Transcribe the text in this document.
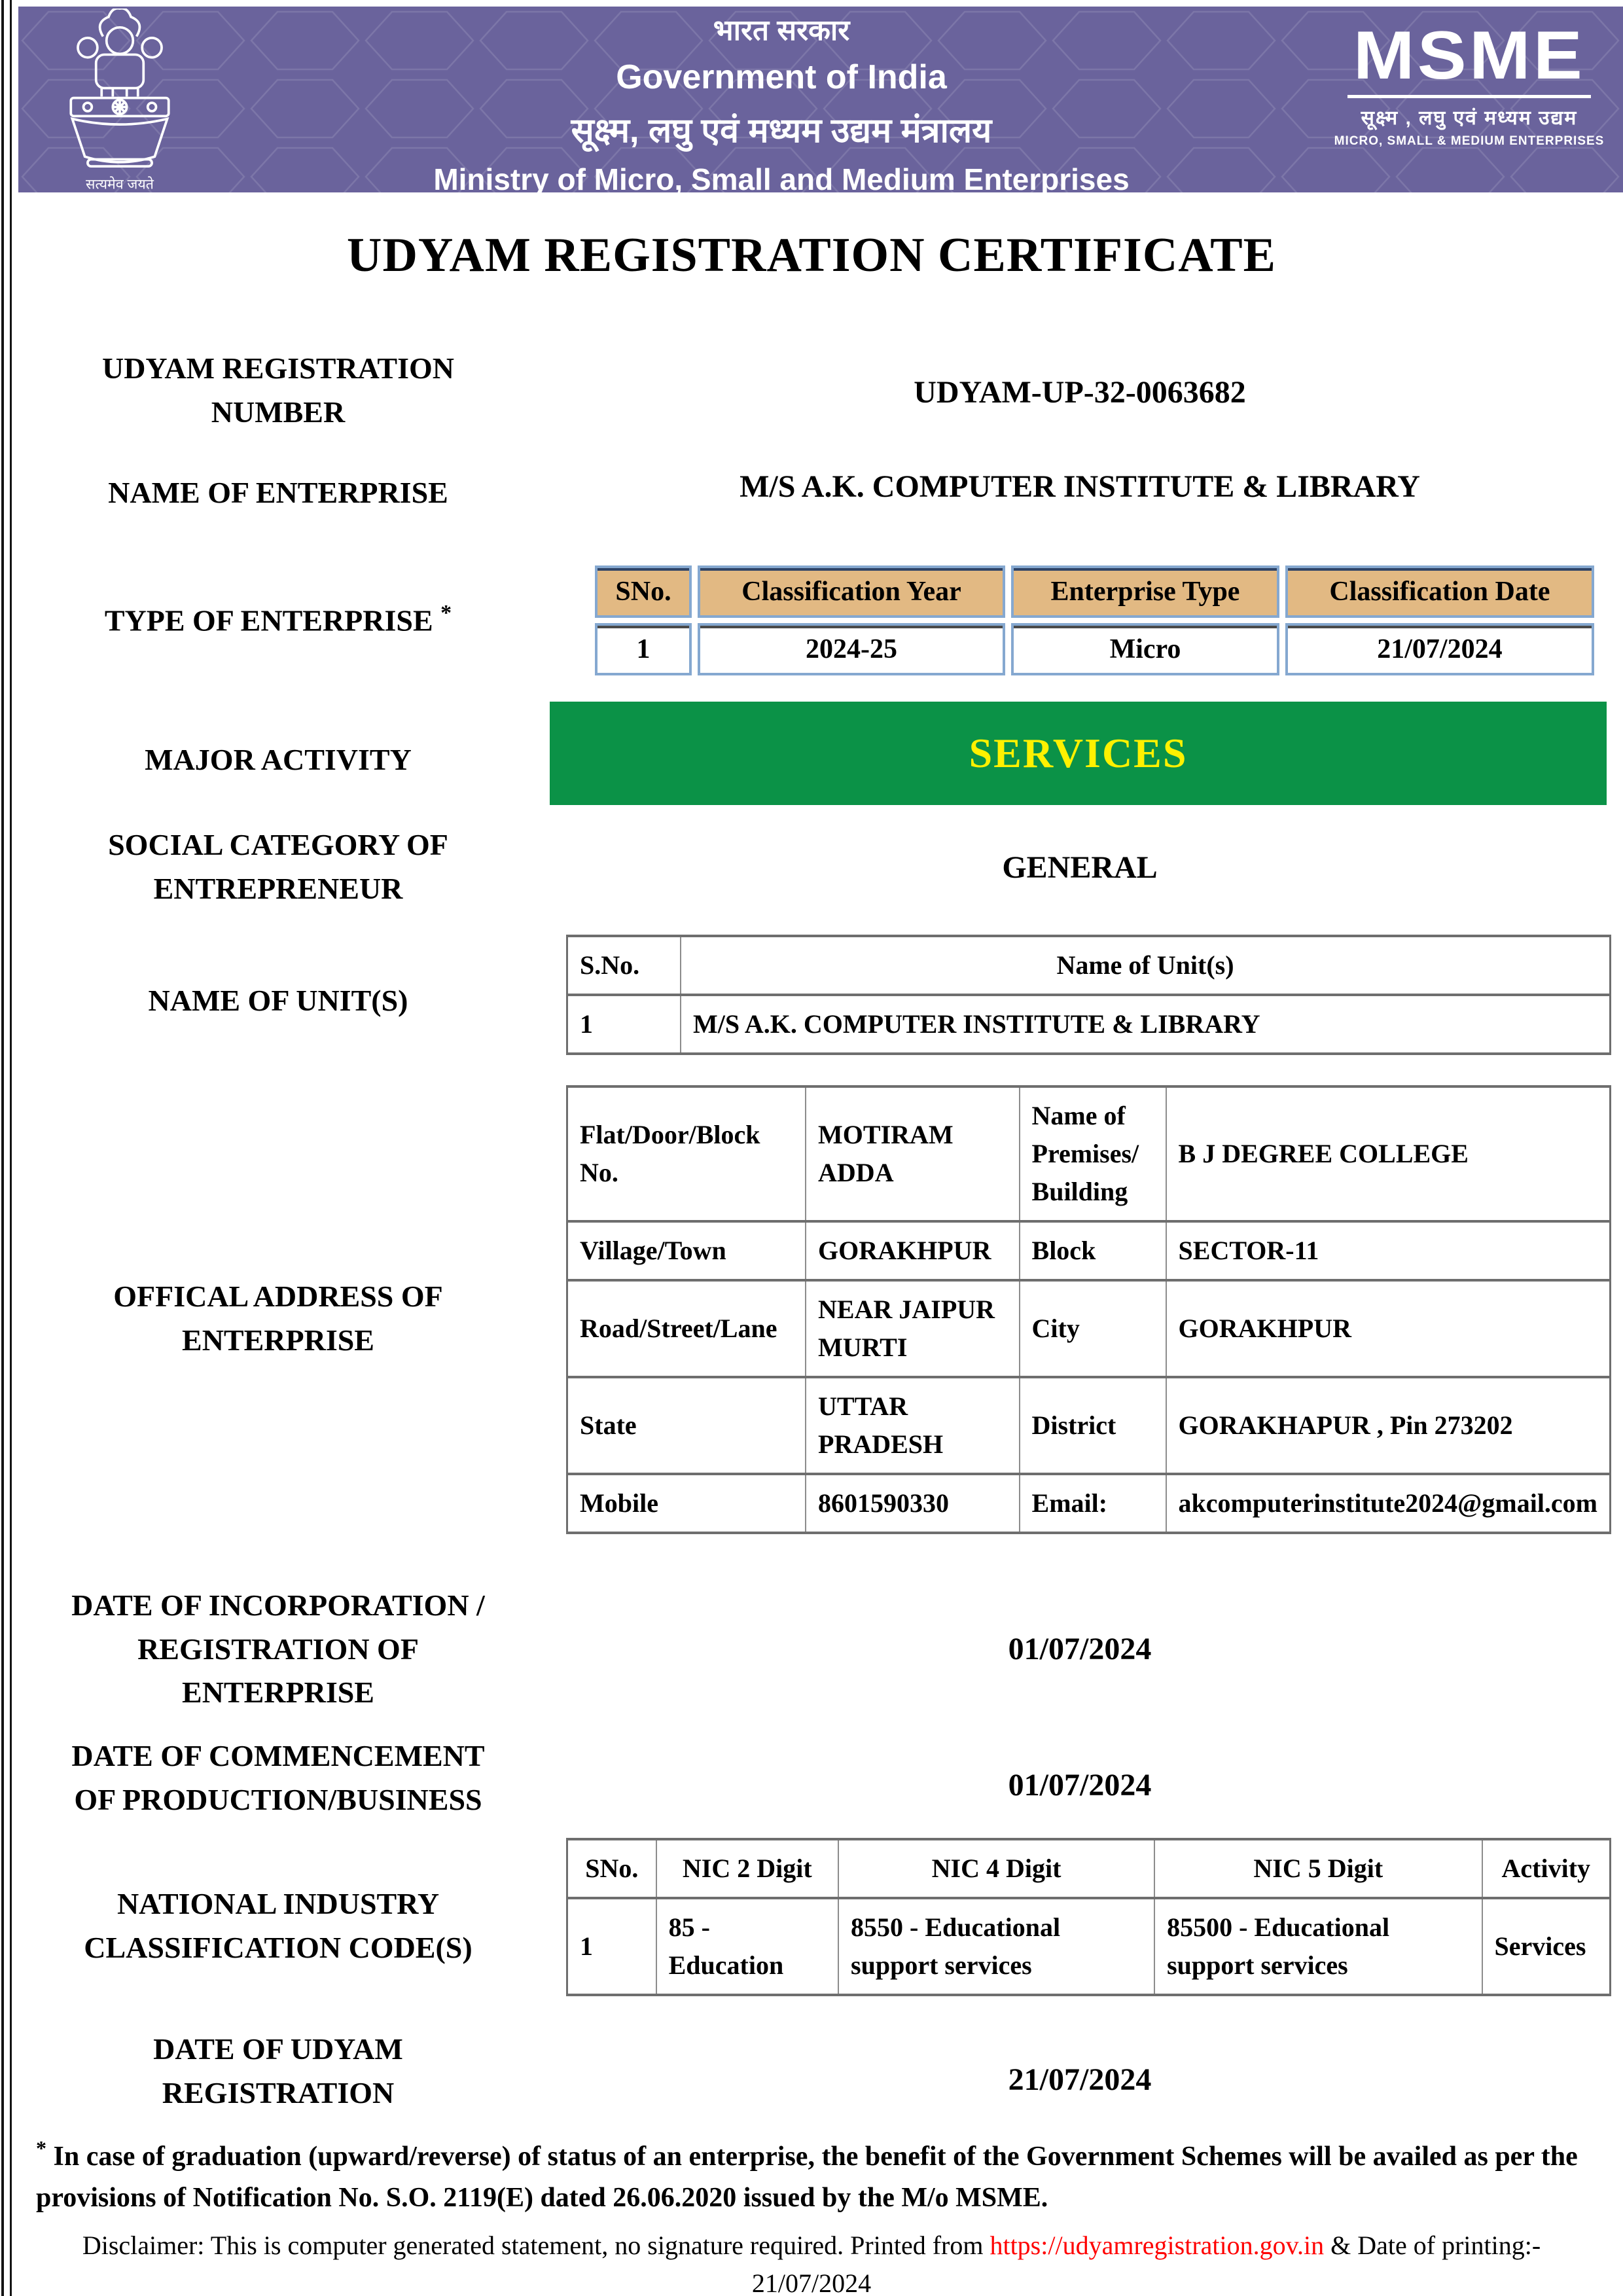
सत्यमेव जयते
भारत सरकार
Government of India
सूक्ष्म, लघु एवं मध्यम उद्यम मंत्रालय
Ministry of Micro, Small and Medium Enterprises
MSME
सूक्ष्म , लघु एवं मध्यम उद्यम
MICRO, SMALL & MEDIUM ENTERPRISES
UDYAM REGISTRATION CERTIFICATE
UDYAM REGISTRATION
NUMBER
UDYAM-UP-32-0063682
NAME OF ENTERPRISE	M/S A.K. COMPUTER INSTITUTE & LIBRARY
TYPE OF ENTERPRISE *
SNo.	Classification Year	Enterprise Type	Classification Date
1	2024-25	Micro	21/07/2024
MAJOR ACTIVITY	SERVICES
SOCIAL CATEGORY OF
ENTREPRENEUR
GENERAL
NAME OF UNIT(S)
S.No.	Name of Unit(s)
1	M/S A.K. COMPUTER INSTITUTE & LIBRARY
OFFICAL ADDRESS OF
ENTERPRISE
Flat/Door/Block No.	MOTIRAM ADDA	Name of Premises/ Building	B J DEGREE COLLEGE
Village/Town	GORAKHPUR	Block	SECTOR-11
Road/Street/Lane	NEAR JAIPUR MURTI	City	GORAKHPUR
State	UTTAR PRADESH	District	GORAKHAPUR , Pin 273202
Mobile	8601590330	Email:	akcomputerinstitute2024@gmail.com
DATE OF INCORPORATION /
REGISTRATION OF
ENTERPRISE
01/07/2024
DATE OF COMMENCEMENT
OF PRODUCTION/BUSINESS	01/07/2024
NATIONAL INDUSTRY
CLASSIFICATION CODE(S)
SNo.	NIC 2 Digit	NIC 4 Digit	NIC 5 Digit	Activity
1	85 - Education	8550 - Educational support services	85500 - Educational support services	Services
DATE OF UDYAM
REGISTRATION	21/07/2024
* In case of graduation (upward/reverse) of status of an enterprise, the benefit of the Government Schemes will be availed as per the provisions of Notification No. S.O. 2119(E) dated 26.06.2020 issued by the M/o MSME.
Disclaimer: This is computer generated statement, no signature required. Printed from https://udyamregistration.gov.in & Date of printing:-
21/07/2024
